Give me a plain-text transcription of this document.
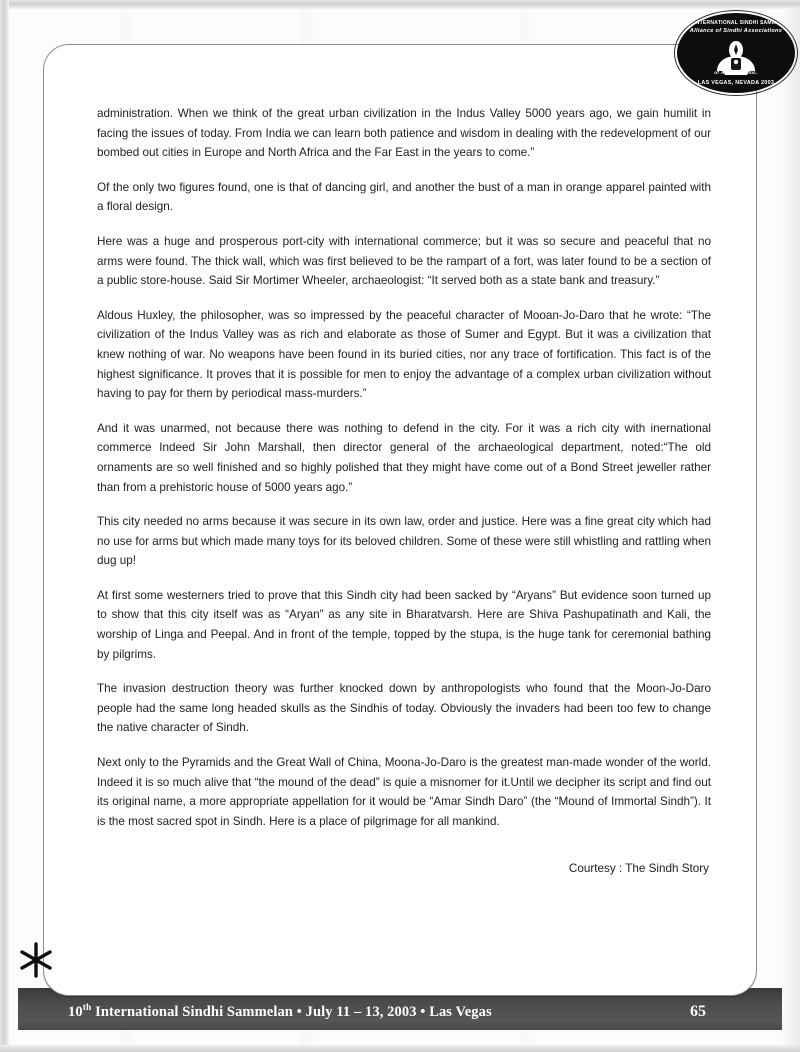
10th International Sindhi Sammelan • July 11 – 13, 2003 • Las Vegas	65
10th INTERNATIONAL SINDHI SAMMELAN
Alliance of Sindhi Associations
of American, Inc.
LAS VEGAS, NEVADA 2003

administration. When we think of the great urban civilization in the Indus Valley 5000 years ago, we gain humilit in facing the issues of today. From India we can learn both patience and wisdom in dealing with the redevelopment of our bombed out cities in Europe and North Africa and the Far East in the years to come.”

Of the only two figures found, one is that of dancing girl, and another the bust of a man in orange apparel painted with a floral design.

Here was a huge and prosperous port-city with international commerce; but it was so secure and peaceful that no arms were found. The thick wall, which was first believed to be the rampart of a fort, was later found to be a section of a public store-house. Said Sir Mortimer Wheeler, archaeologist: “It served both as a state bank and treasury.”

Aldous Huxley, the philosopher, was so impressed by the peaceful character of Mooan-Jo-Daro that he wrote: “The civilization of the Indus Valley was as rich and elaborate as those of Sumer and Egypt. But it was a civilization that knew nothing of war. No weapons have been found in its buried cities, nor any trace of fortification. This fact is of the highest significance. It proves that it is possible for men to enjoy the advantage of a complex urban civilization without having to pay for them by periodical mass-murders.”

And it was unarmed, not because there was nothing to defend in the city. For it was a rich city with inernational commerce Indeed Sir John Marshall, then director general of the archaeological department, noted:“The old ornaments are so well finished and so highly polished that they might have come out of a Bond Street jeweller rather than from a prehistoric house of 5000 years ago.”

This city needed no arms because it was secure in its own law, order and justice. Here was a fine great city which had no use for arms but which made many toys for its beloved children. Some of these were still whistling and rattling when dug up!

At first some westerners tried to prove that this Sindh city had been sacked by “Aryans” But evidence soon turned up to show that this city itself was as “Aryan” as any site in Bharatvarsh. Here are Shiva Pashupatinath and Kali, the worship of Linga and Peepal. And in front of the temple, topped by the stupa, is the huge tank for ceremonial bathing by pilgrims.

The invasion destruction theory was further knocked down by anthropologists who found that the Moon-Jo-Daro people had the same long headed skulls as the Sindhis of today. Obviously the invaders had been too few to change the native character of Sindh.

Next only to the Pyramids and the Great Wall of China, Moona-Jo-Daro is the greatest man-made wonder of the world. Indeed it is so much alive that “the mound of the dead” is quie a misnomer for it.Until we decipher its script and find out its original name, a more appropriate appellation for it would be “Amar Sindh Daro” (the “Mound of Immortal Sindh”). It is the most sacred spot in Sindh. Here is a place of pilgrimage for all mankind.

Courtesy : The Sindh Story
